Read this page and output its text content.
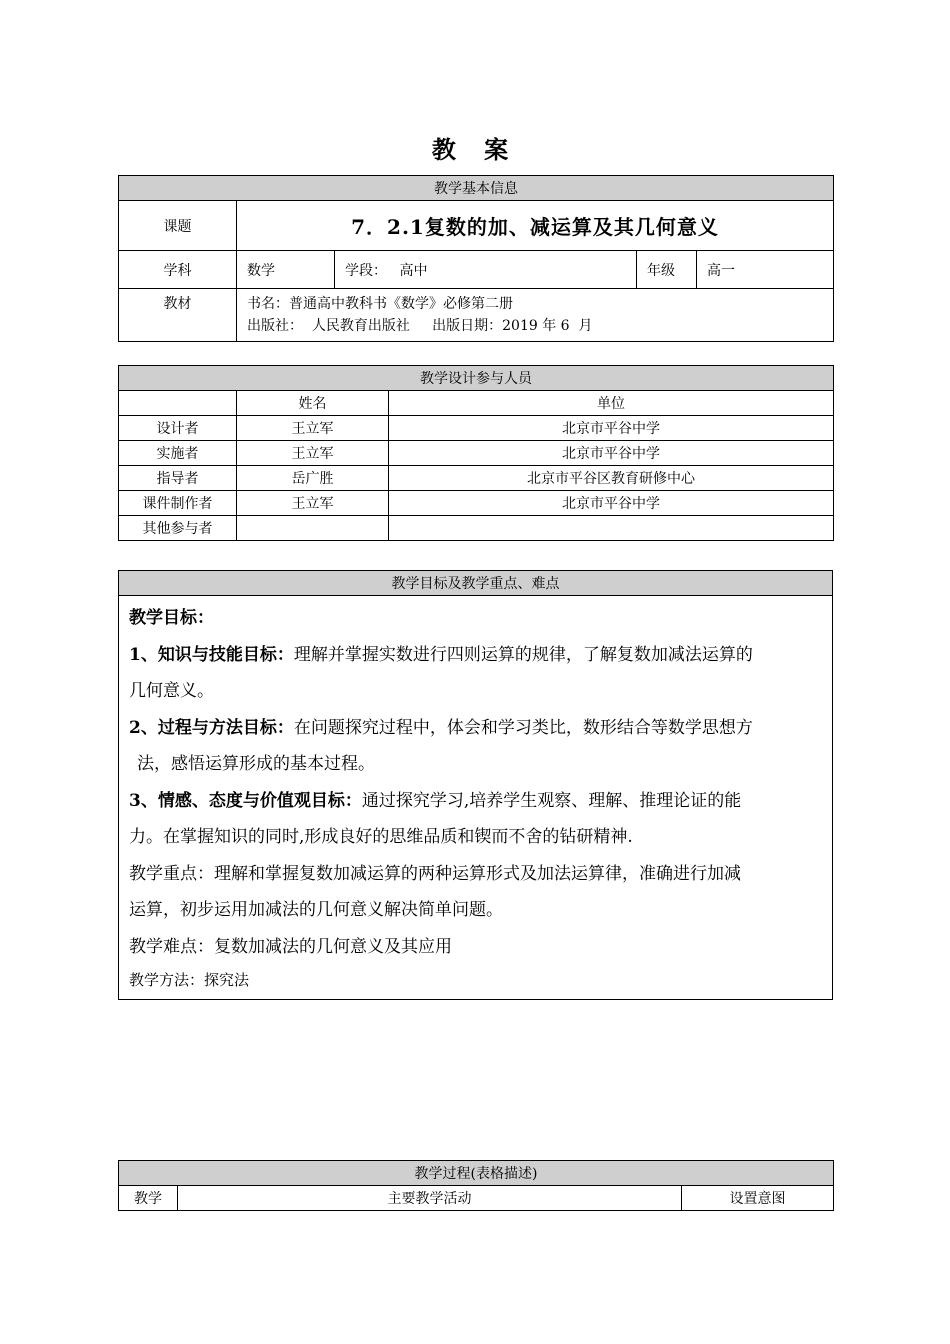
教 案
教学基本信息				
课题	7．2.1复数的加、减运算及其几何意义			
学科	数学	学段： 高中	年级	高一
教材	书名：普通高中教科书《数学》必修第二册
出版社：  人民教育出版社     出版日期：2019 年 6  月			
教学设计参与人员		
	姓名	单位
设计者	王立军	北京市平谷中学
实施者	王立军	北京市平谷中学
指导者	岳广胜	北京市平谷区教育研修中心
课件制作者	王立军	北京市平谷中学
其他参与者		
教学目标及教学重点、难点

教学目标：

1、知识与技能目标：理解并掌握实数进行四则运算的规律，了解复数加减法运算的

几何意义。

2、过程与方法目标：在问题探究过程中，体会和学习类比，数形结合等数学思想方

法，感悟运算形成的基本过程。

3、情感、态度与价值观目标：通过探究学习,培养学生观察、理解、推理论证的能

力。在掌握知识的同时,形成良好的思维品质和锲而不舍的钻研精神.

教学重点：理解和掌握复数加减运算的两种运算形式及加法运算律，准确进行加减

运算，初步运用加减法的几何意义解决简单问题。

教学难点：复数加减法的几何意义及其应用

教学方法：探究法

教学过程(表格描述)
教学	主要教学活动	设置意图
